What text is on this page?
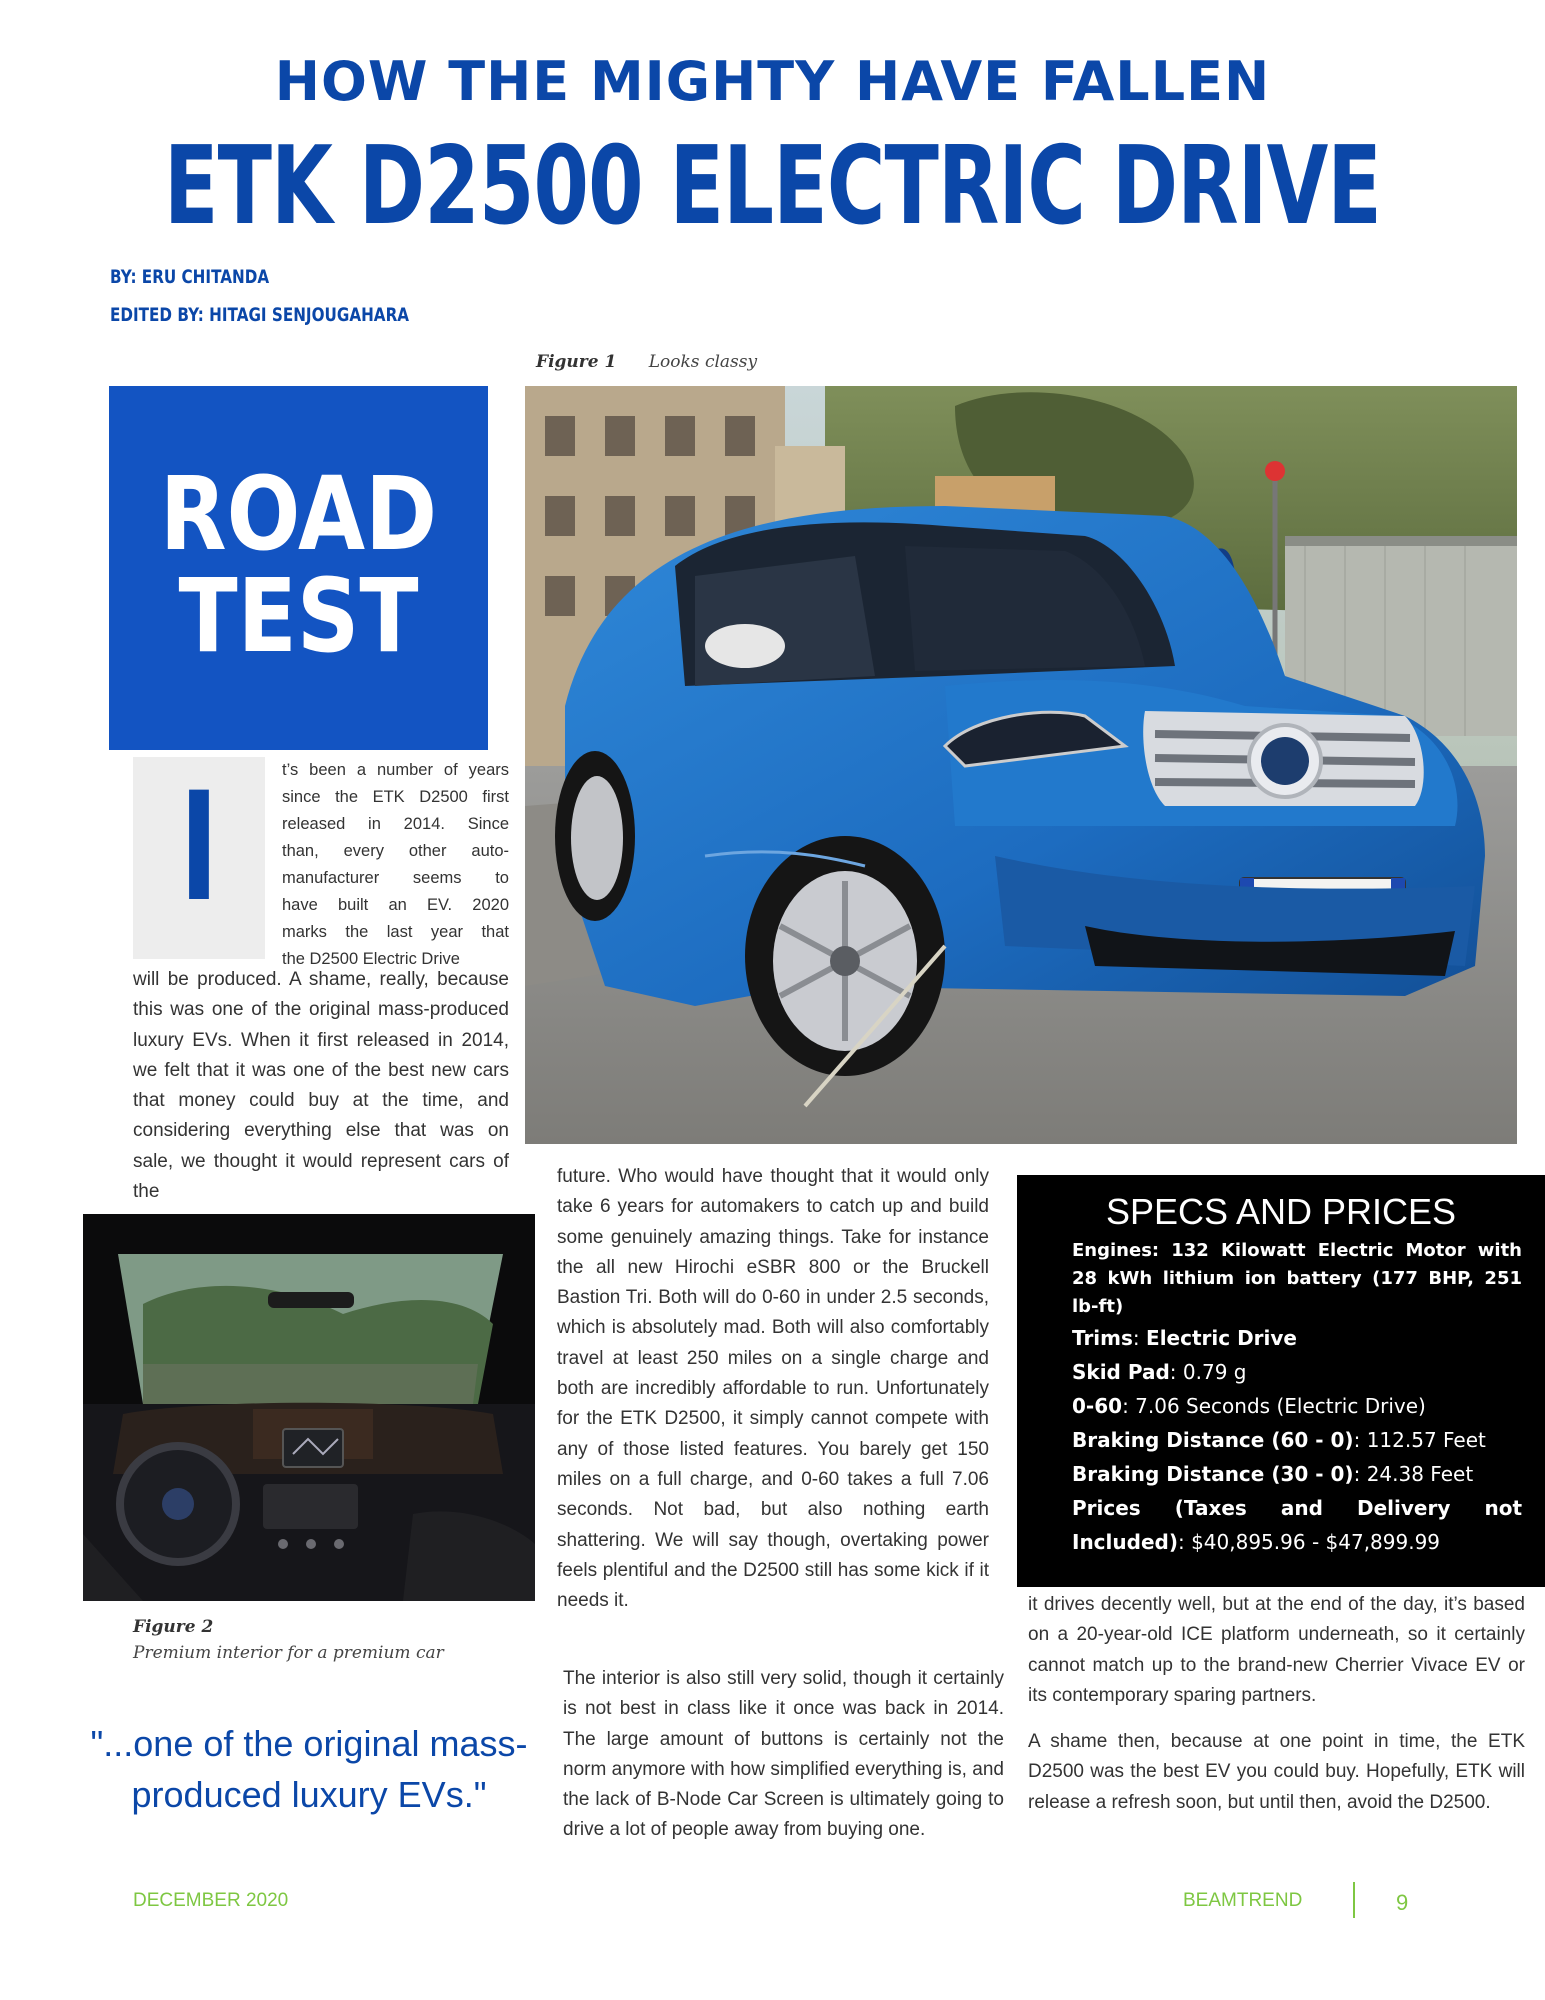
HOW THE MIGHTY HAVE FALLEN
ETK D2500 ELECTRIC DRIVE
BY: ERU CHITANDA
EDITED BY: HITAGI SENJOUGAHARA
Figure 1 Looks classy
ROAD
TEST
I	t’s been a number of years
since the ETK D2500 first
released in 2014. Since
than, every other auto-
manufacturer seems to
have built an EV. 2020
marks the last year that
the D2500 Electric Drive

will be produced. A shame, really, because this was one of the original mass-produced luxury EVs. When it first released in 2014, we felt that it was one of the best new cars that money could buy at the time, and considering everything else that was on sale, we thought it would represent cars of the

Figure 2
Premium interior for a premium car
"...one of the original mass-produced luxury EVs."

future. Who would have thought that it would only take 6 years for automakers to catch up and build some genuinely amazing things. Take for instance the all new Hirochi eSBR 800 or the Bruckell Bastion Tri. Both will do 0-60 in under 2.5 seconds, which is absolutely mad. Both will also comfortably travel at least 250 miles on a single charge and both are incredibly affordable to run. Unfortunately for the ETK D2500, it simply cannot compete with any of those listed features. You barely get 150 miles on a full charge, and 0-60 takes a full 7.06 seconds. Not bad, but also nothing earth shattering. We will say though, overtaking power feels plentiful and the D2500 still has some kick if it needs it.

The interior is also still very solid, though it certainly is not best in class like it once was back in 2014. The large amount of buttons is certainly not the norm anymore with how simplified everything is, and the lack of B-Node Car Screen is ultimately going to drive a lot of people away from buying one.

SPECS AND PRICES
Engines: 132 Kilowatt Electric Motor with 28 kWh lithium ion battery (177 BHP, 251 lb-ft)
Trims: Electric Drive
Skid Pad: 0.79 g
0-60: 7.06 Seconds (Electric Drive)
Braking Distance (60 - 0): 112.57 Feet
Braking Distance (30 - 0): 24.38 Feet
Prices (Taxes and Delivery not Included): $40,895.96 - $47,899.99

it drives decently well, but at the end of the day, it’s based on a 20-year-old ICE platform underneath, so it certainly cannot match up to the brand-new Cherrier Vivace EV or its contemporary sparing partners.

A shame then, because at one point in time, the ETK D2500 was the best EV you could buy. Hopefully, ETK will release a refresh soon, but until then, avoid the D2500.

DECEMBER 2020	BEAMTREND	9
